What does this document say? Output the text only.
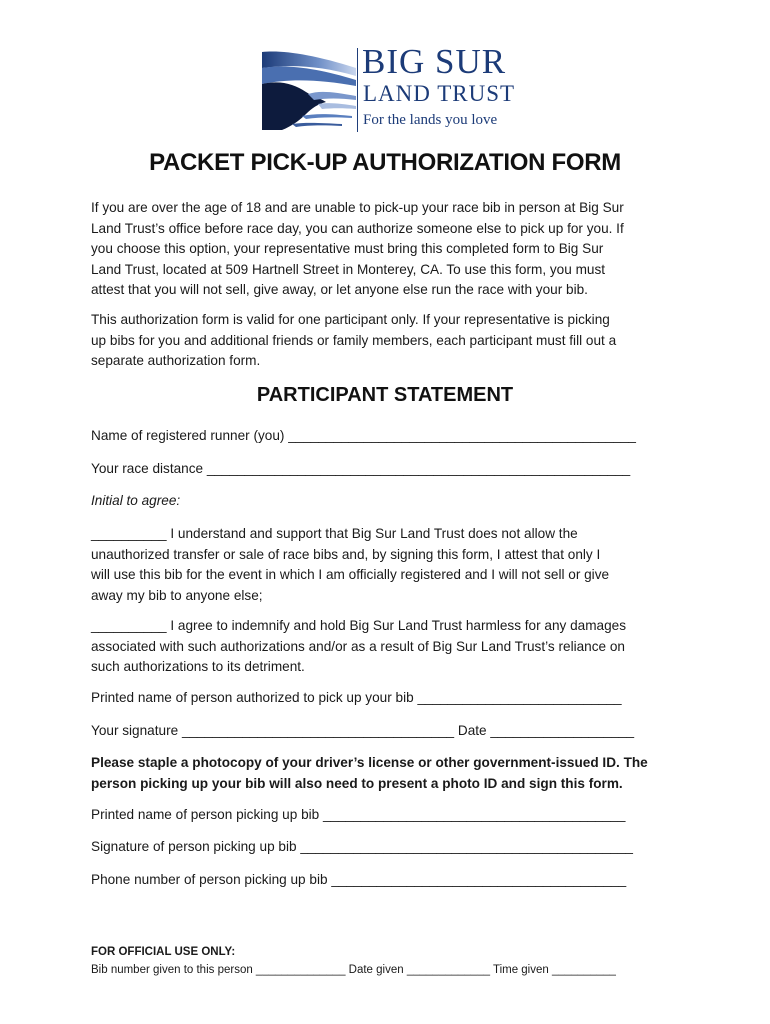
BIG SUR
LAND TRUST
For the lands you love
PACKET PICK-UP AUTHORIZATION FORM
If you are over the age of 18 and are unable to pick-up your race bib in person at Big Sur
Land Trust’s office before race day, you can authorize someone else to pick up for you. If
you choose this option, your representative must bring this completed form to Big Sur
Land Trust, located at 509 Hartnell Street in Monterey, CA. To use this form, you must
attest that you will not sell, give away, or let anyone else run the race with your bib.
This authorization form is valid for one participant only. If your representative is picking
up bibs for you and additional friends or family members, each participant must fill out a
separate authorization form.
PARTICIPANT STATEMENT
Name of registered runner (you) ______________________________________________
Your race distance ________________________________________________________
Initial to agree:
__________ I understand and support that Big Sur Land Trust does not allow the
unauthorized transfer or sale of race bibs and, by signing this form, I attest that only I
will use this bib for the event in which I am officially registered and I will not sell or give
away my bib to anyone else;
__________ I agree to indemnify and hold Big Sur Land Trust harmless for any damages
associated with such authorizations and/or as a result of Big Sur Land Trust’s reliance on
such authorizations to its detriment.
Printed name of person authorized to pick up your bib ___________________________
Your signature ____________________________________ Date ___________________
Please staple a photocopy of your driver’s license or other government-issued ID. The
person picking up your bib will also need to present a photo ID and sign this form.
Printed name of person picking up bib ________________________________________
Signature of person picking up bib ____________________________________________
Phone number of person picking up bib _______________________________________
FOR OFFICIAL USE ONLY:
Bib number given to this person ______________ Date given _____________ Time given __________
